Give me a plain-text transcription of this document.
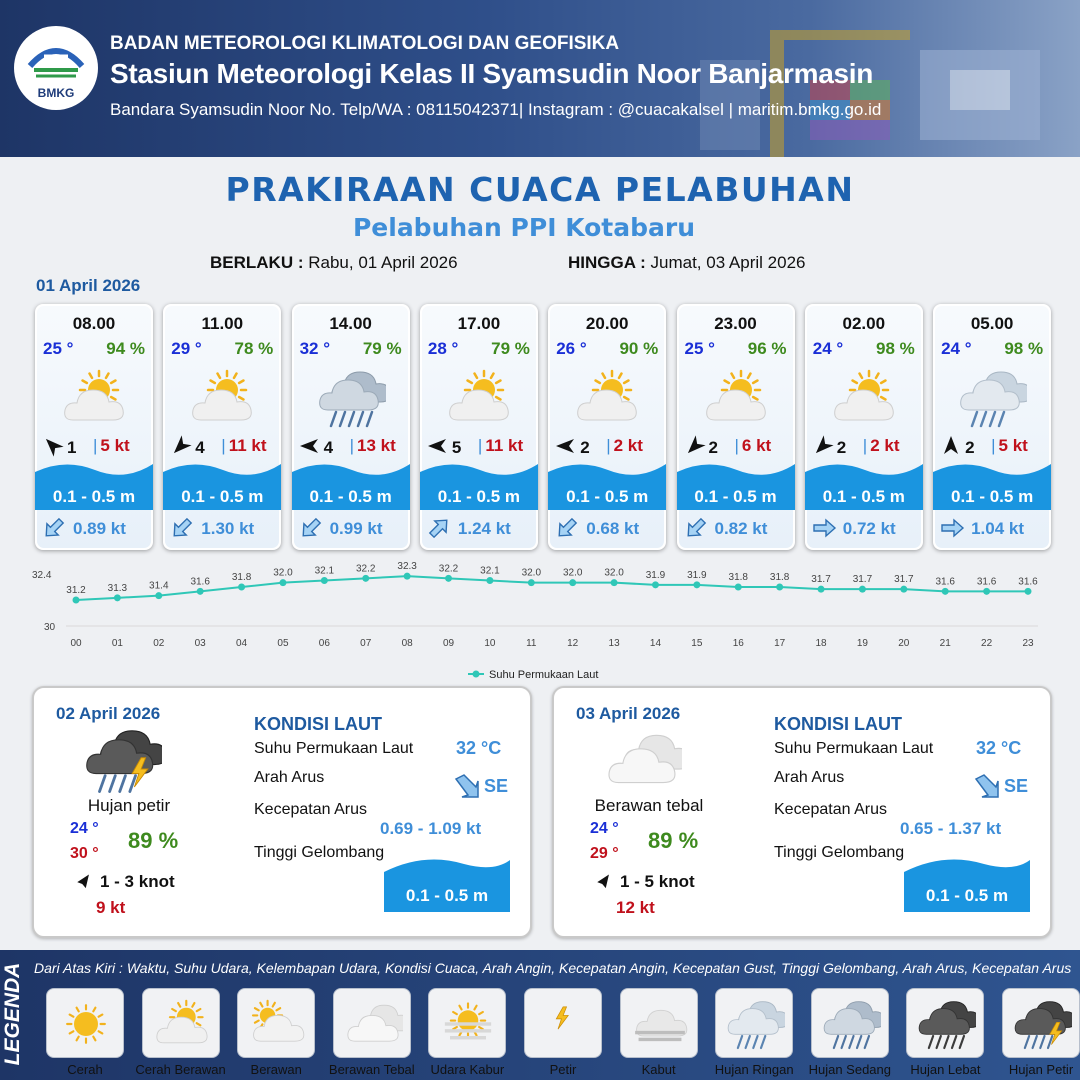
BMKG
BADAN METEOROLOGI KLIMATOLOGI DAN GEOFISIKA
Stasiun Meteorologi Kelas II Syamsudin Noor Banjarmasin
Bandara Syamsudin Noor No. Telp/WA : 08115042371| Instagram : @cuacakalsel | maritim.bmkg.go.id
PRAKIRAAN CUACA PELABUHAN
Pelabuhan PPI Kotabaru
BERLAKU : Rabu, 01 April 2026	HINGGA : Jumat, 03 April 2026
01 April 2026
08.00
25 ° 94 %
1 | 5 kt
0.1 - 0.5 m
0.89 kt
11.00
29 ° 78 %
4 | 11 kt
0.1 - 0.5 m
1.30 kt
14.00
32 ° 79 %
4 | 13 kt
0.1 - 0.5 m
0.99 kt
17.00
28 ° 79 %
5 | 11 kt
0.1 - 0.5 m
1.24 kt
20.00
26 ° 90 %
2 | 2 kt
0.1 - 0.5 m
0.68 kt
23.00
25 ° 96 %
2 | 6 kt
0.1 - 0.5 m
0.82 kt
02.00
24 ° 98 %
2 | 2 kt
0.1 - 0.5 m
0.72 kt
05.00
24 ° 98 %
2 | 5 kt
0.1 - 0.5 m
1.04 kt
32.4
30
31.2
00
31.3
01
31.4
02
31.6
03
31.8
04
32.0
05
32.1
06
32.2
07
32.3
08
32.2
09
32.1
10
32.0
11
32.0
12
32.0
13
31.9
14
31.9
15
31.8
16
31.8
17
31.7
18
31.7
19
31.7
20
31.6
21
31.6
22
31.6
23
Suhu Permukaan Laut
02 April 2026
Hujan petir
24 °
30 °
89 %
1 - 3 knot
9 kt
KONDISI LAUT
Suhu Permukaan Laut 32 °C
Arah Arus	SE
Kecepatan Arus
0.69 - 1.09 kt
Tinggi Gelombang
0.1 - 0.5 m
03 April 2026
Berawan tebal
24 °
29 °
89 %
1 - 5 knot
12 kt
KONDISI LAUT
Suhu Permukaan Laut 32 °C
Arah Arus	SE
Kecepatan Arus
0.65 - 1.37 kt
Tinggi Gelombang
0.1 - 0.5 m
LEGENDA Dari Atas Kiri : Waktu, Suhu Udara, Kelembapan Udara, Kondisi Cuaca, Arah Angin, Kecepatan Angin, Kecepatan Gust, Tinggi Gelombang, Arah Arus, Kecepatan Arus
Cerah	Cerah Berawan	Berawan	Berawan Tebal	Udara Kabur	Petir	Kabut	Hujan Ringan	Hujan Sedang	Hujan Lebat	Hujan Petir
